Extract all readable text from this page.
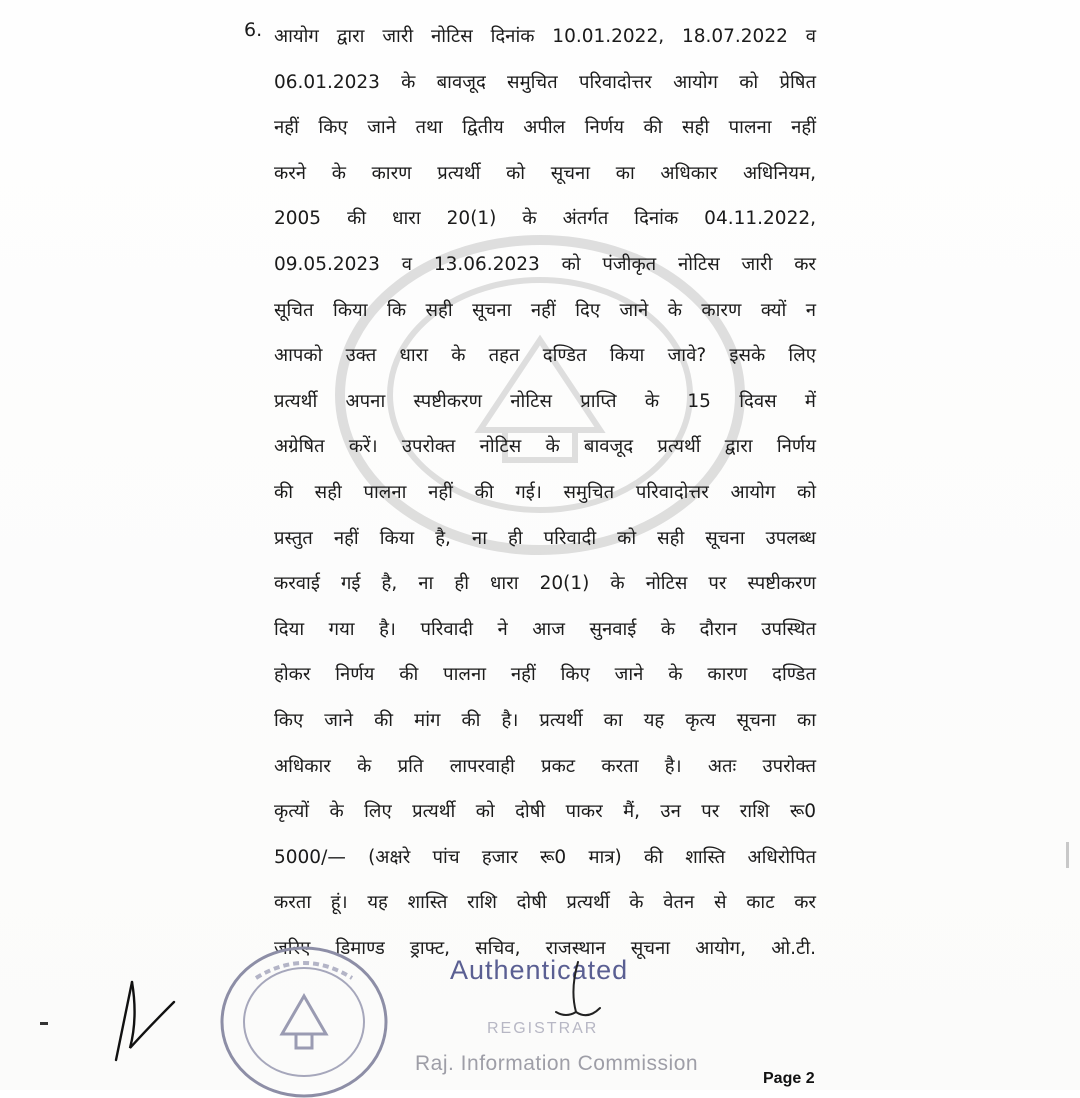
6. आयोग द्वारा जारी नोटिस दिनांक 10.01.2022, 18.07.2022 व
06.01.2023 के बावजूद समुचित परिवादोत्तर आयोग को प्रेषित
नहीं किए जाने तथा द्वितीय अपील निर्णय की सही पालना नहीं
करने के कारण प्रत्यर्थी को सूचना का अधिकार अधिनियम,
2005 की धारा 20(1) के अंतर्गत दिनांक 04.11.2022,
09.05.2023 व 13.06.2023 को पंजीकृत नोटिस जारी कर
सूचित किया कि सही सूचना नहीं दिए जाने के कारण क्यों न
आपको उक्त धारा के तहत दण्डित किया जावे? इसके लिए
प्रत्यर्थी अपना स्पष्टीकरण नोटिस प्राप्ति के 15 दिवस में
अग्रेषित करें। उपरोक्त नोटिस के बावजूद प्रत्यर्थी द्वारा निर्णय
की सही पालना नहीं की गई। समुचित परिवादोत्तर आयोग को
प्रस्तुत नहीं किया है, ना ही परिवादी को सही सूचना उपलब्ध
करवाई गई है, ना ही धारा 20(1) के नोटिस पर स्पष्टीकरण
दिया गया है। परिवादी ने आज सुनवाई के दौरान उपस्थित
होकर निर्णय की पालना नहीं किए जाने के कारण दण्डित
किए जाने की मांग की है। प्रत्यर्थी का यह कृत्य सूचना का
अधिकार के प्रति लापरवाही प्रकट करता है। अतः उपरोक्त
कृत्यों के लिए प्रत्यर्थी को दोषी पाकर मैं, उन पर राशि रू0
5000/— (अक्षरे पांच हजार रू0 मात्र) की शास्ति अधिरोपित
करता हूं। यह शास्ति राशि दोषी प्रत्यर्थी के वेतन से काट कर
जरिए डिमाण्ड ड्राफ्ट, सचिव, राजस्थान सूचना आयोग, ओ.टी.
Authenticated
REGISTRAR
Raj. Information Commission
Page 2
